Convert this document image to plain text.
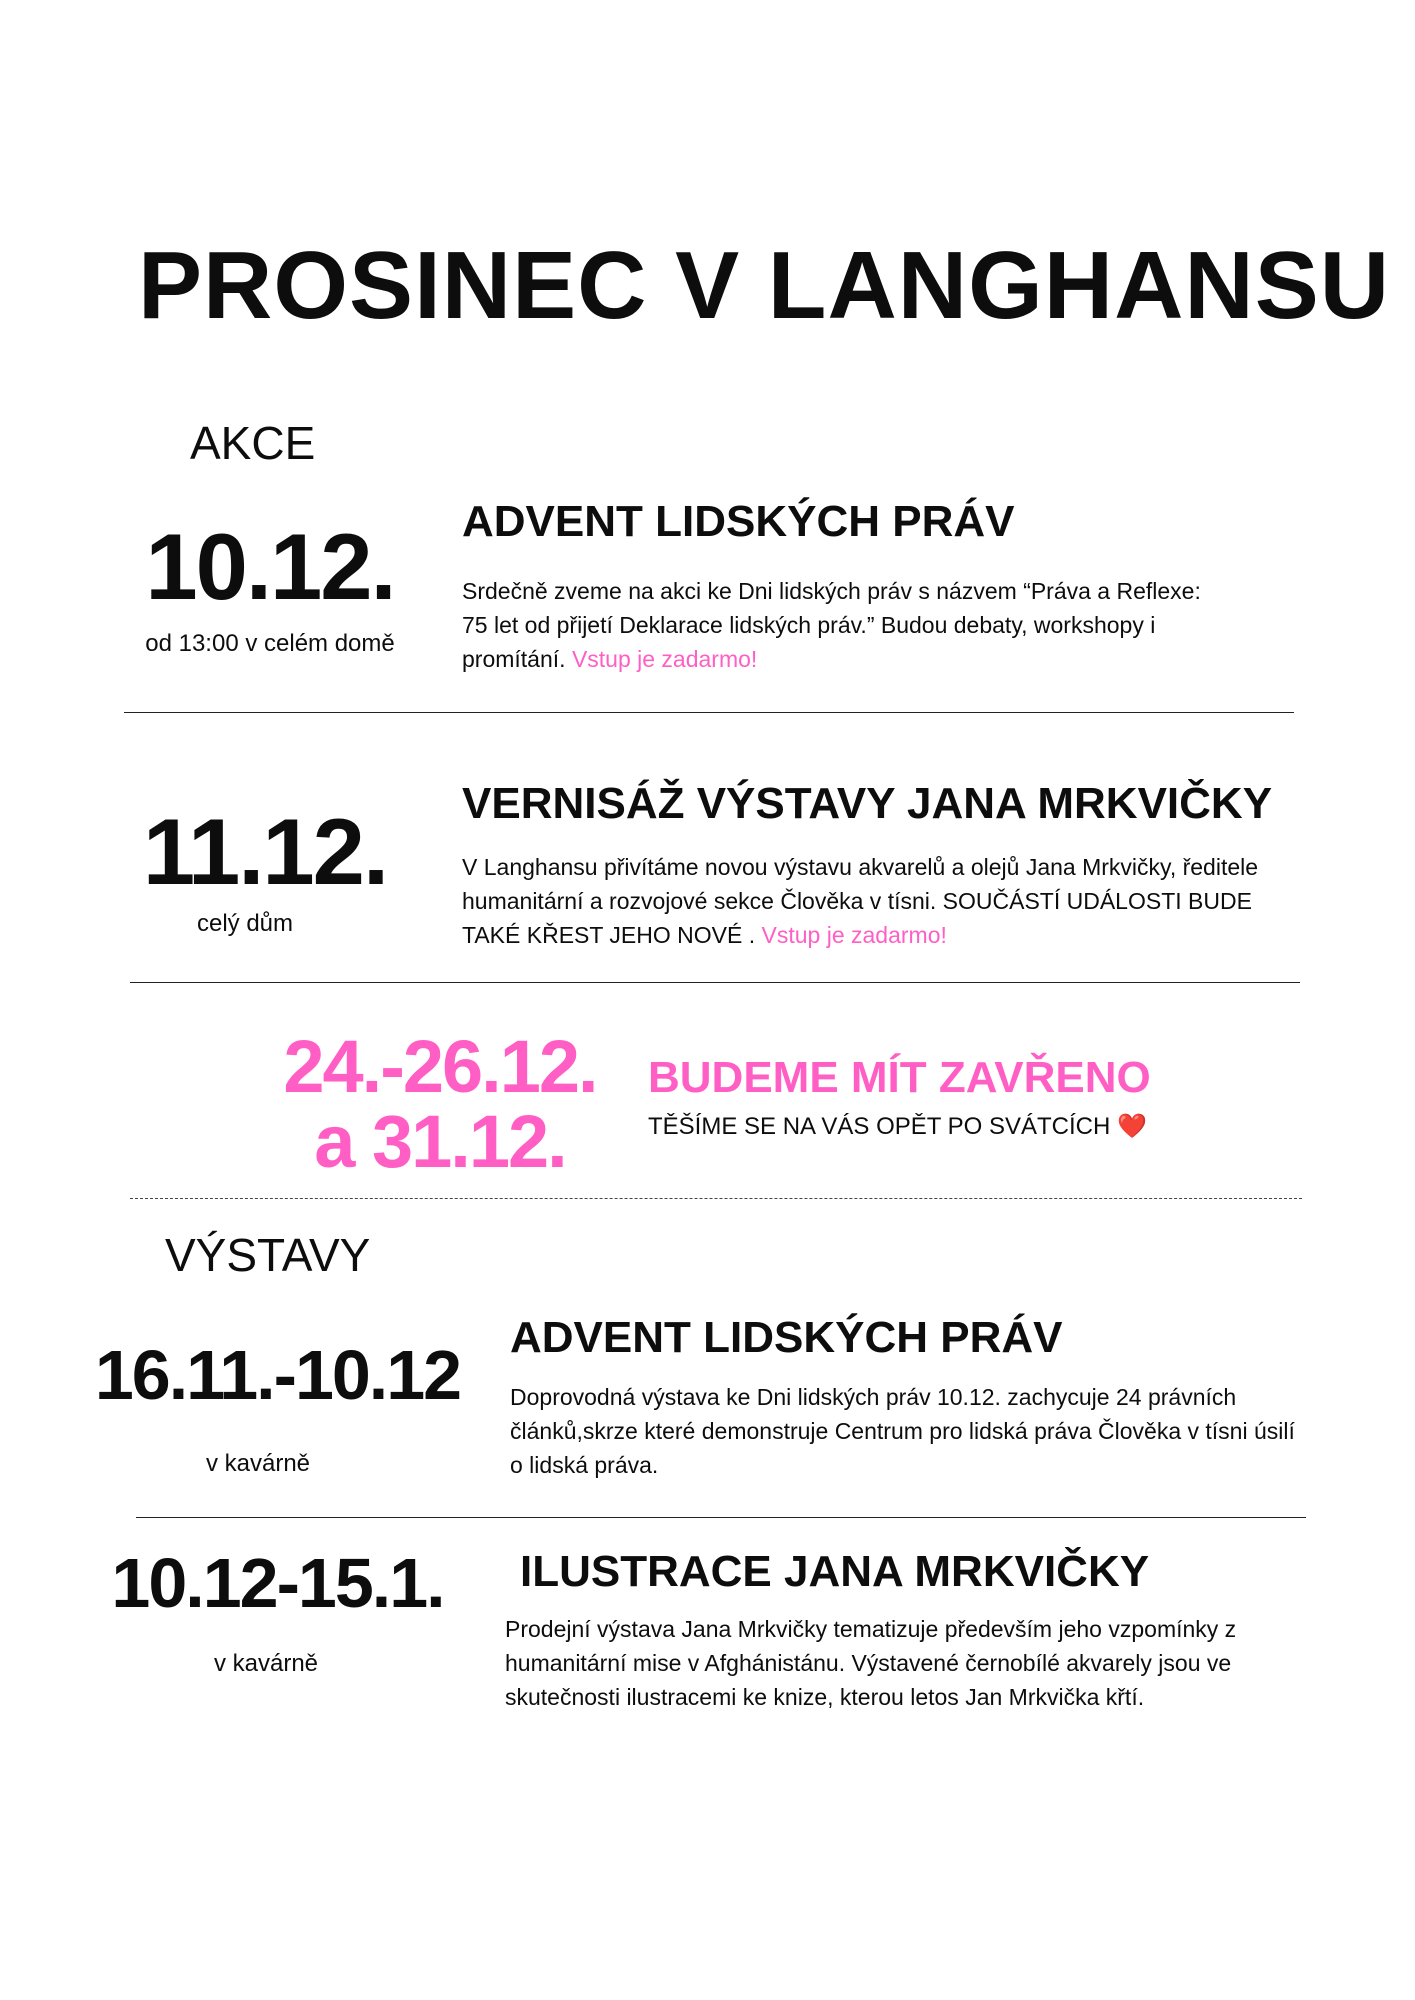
PROSINEC V LANGHANSU
AKCE
10.12.
od 13:00 v celém domě
ADVENT LIDSKÝCH PRÁV
Srdečně zveme na akci ke Dni lidských práv s názvem “Práva a Reflexe: 75 let od přijetí Deklarace lidských práv.” Budou debaty, workshopy i promítání. Vstup je zadarmo!
11.12.
celý dům
VERNISÁŽ VÝSTAVY JANA MRKVIČKY
V Langhansu přivítáme novou výstavu akvarelů a olejů Jana Mrkvičky, ředitele humanitární a rozvojové sekce Člověka v tísni. SOUČÁSTÍ UDÁLOSTI BUDE TAKÉ KŘEST JEHO NOVÉ . Vstup je zadarmo!
24.-26.12.
a 31.12.
BUDEME MÍT ZAVŘENO
TĚŠÍME SE NA VÁS OPĚT PO SVÁTCÍCH ❤️
VÝSTAVY
16.11.-10.12
v kavárně
ADVENT LIDSKÝCH PRÁV
Doprovodná výstava ke Dni lidských práv 10.12. zachycuje 24 právních článků,skrze které demonstruje Centrum pro lidská práva Člověka v tísni úsilí o lidská práva.
10.12-15.1.
v kavárně
ILUSTRACE JANA MRKVIČKY
Prodejní výstava Jana Mrkvičky tematizuje především jeho vzpomínky z humanitární mise v Afghánistánu. Výstavené černobílé akvarely jsou ve skutečnosti ilustracemi ke knize, kterou letos Jan Mrkvička křtí.
